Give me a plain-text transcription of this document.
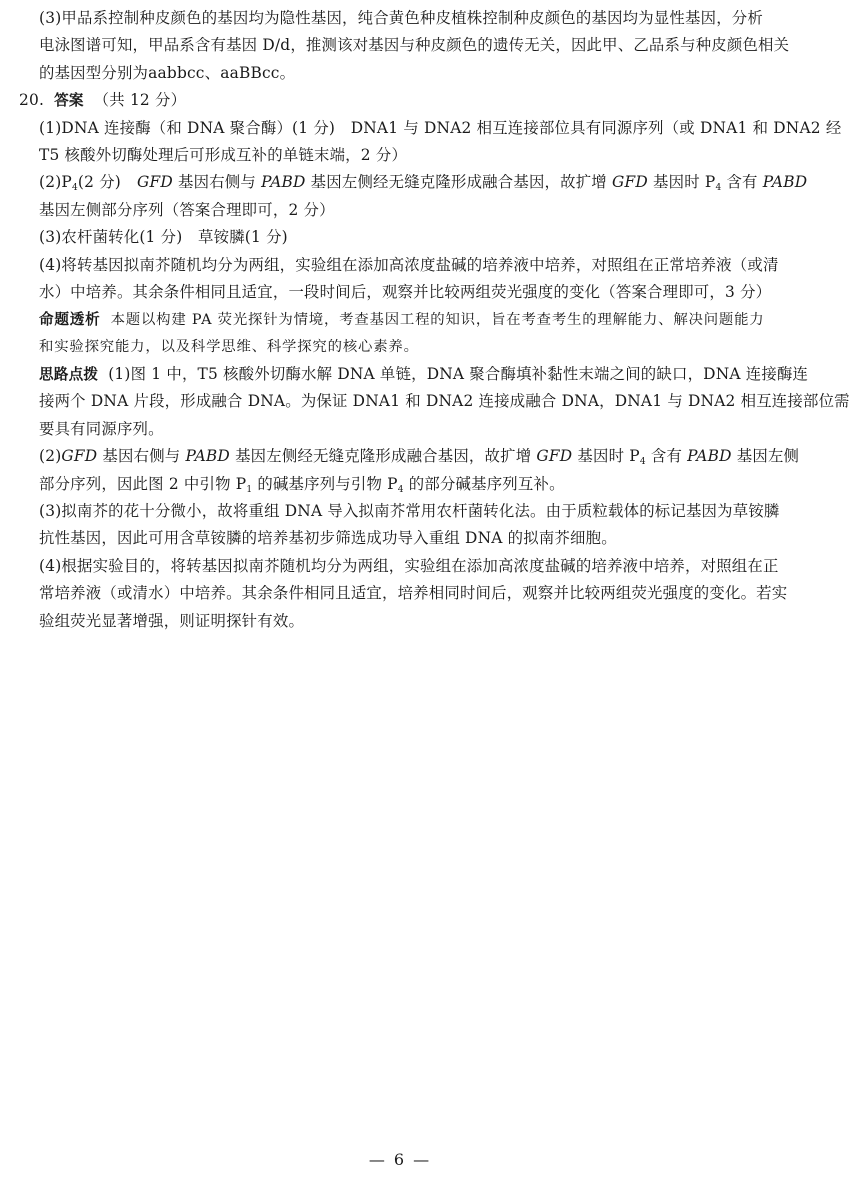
(3)甲品系控制种皮颜色的基因均为隐性基因，纯合黄色种皮植株控制种皮颜色的基因均为显性基因，分析
电泳图谱可知，甲品系含有基因 D/d，推测该对基因与种皮颜色的遗传无关，因此甲、乙品系与种皮颜色相关
的基因型分别为aabbcc、aaBBcc。
20. 答案 （共 12 分）
(1)DNA 连接酶（和 DNA 聚合酶）(1 分)　DNA1 与 DNA2 相互连接部位具有同源序列（或 DNA1 和 DNA2 经
T5 核酸外切酶处理后可形成互补的单链末端，2 分）
$(2)P_4(2$ 分) GFD 基因右侧与 PABD 基因左侧经无缝克隆形成融合基因，故扩增 GFD 基因时 $P_4$ 含有 PABD
基因左侧部分序列（答案合理即可，2 分）
(3)农杆菌转化(1 分)　草铵膦(1 分)
(4)将转基因拟南芥随机均分为两组，实验组在添加高浓度盐碱的培养液中培养，对照组在正常培养液（或清
水）中培养。其余条件相同且适宜，一段时间后，观察并比较两组荧光强度的变化（答案合理即可，3 分）
命题透析 本题以构建 PA 荧光探针为情境，考查基因工程的知识，旨在考查考生的理解能力、解决问题能力
和实验探究能力，以及科学思维、科学探究的核心素养。
思路点拨 (1)图 1 中，T5 核酸外切酶水解 DNA 单链，DNA 聚合酶填补黏性末端之间的缺口，DNA 连接酶连
接两个 DNA 片段，形成融合 DNA。为保证 DNA1 和 DNA2 连接成融合 DNA，DNA1 与 DNA2 相互连接部位需
要具有同源序列。
(2)GFD 基因右侧与 PABD 基因左侧经无缝克隆形成融合基因，故扩增 GFD 基因时 $P_4$ 含有 PABD 基因左侧
部分序列，因此图 2 中引物 $P_1$ 的碱基序列与引物 $P_4$ 的部分碱基序列互补。
(3)拟南芥的花十分微小，故将重组 DNA 导入拟南芥常用农杆菌转化法。由于质粒载体的标记基因为草铵膦
抗性基因，因此可用含草铵膦的培养基初步筛选成功导入重组 DNA 的拟南芥细胞。
(4)根据实验目的，将转基因拟南芥随机均分为两组，实验组在添加高浓度盐碱的培养液中培养，对照组在正
常培养液（或清水）中培养。其余条件相同且适宜，培养相同时间后，观察并比较两组荧光强度的变化。若实
验组荧光显著增强，则证明探针有效。
— 6 —
